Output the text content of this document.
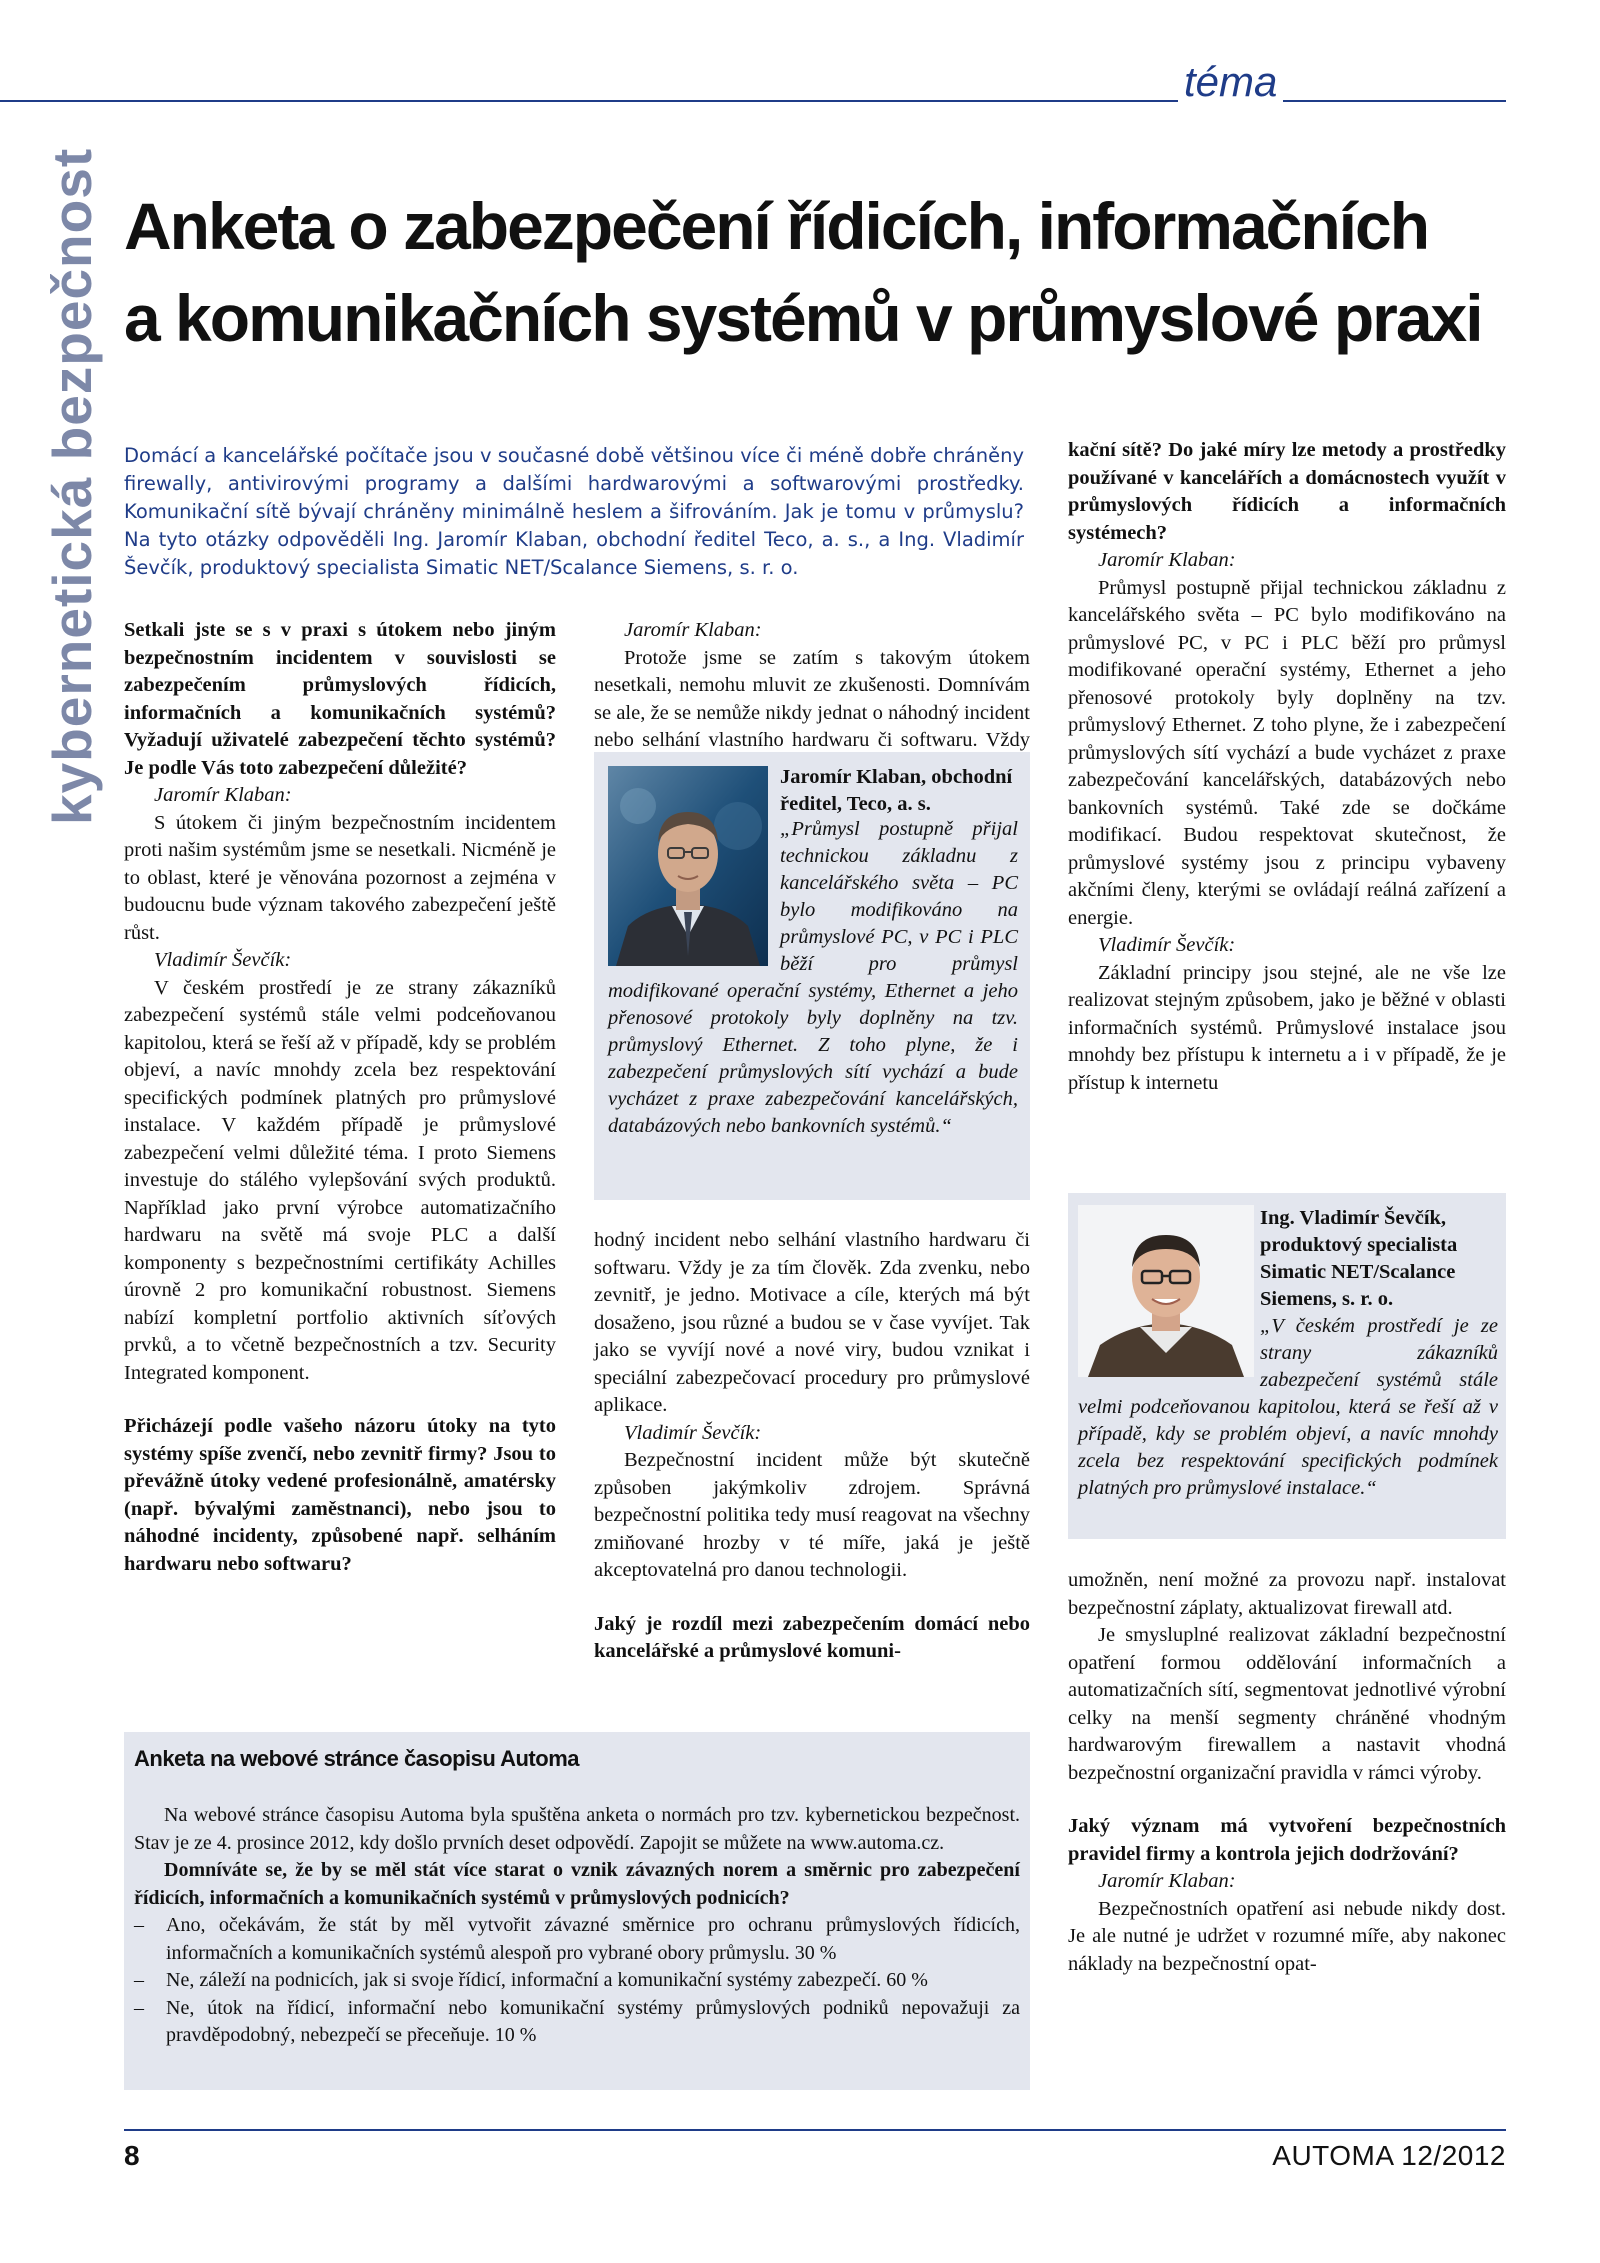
téma
kybernetická bezpečnost Anketa o zabezpečení řídicích, informačních
a komunikačních systémů v průmyslové praxi
Domácí a kancelářské počítače jsou v současné době většinou více či méně dobře chráněny firewally, antivirovými programy a dalšími hardwarovými a softwarovými prostředky. Komunikační sítě bývají chráněny minimálně heslem a šifrováním. Jak je tomu v průmyslu? Na tyto otázky odpověděli Ing. Jaromír Klaban, obchodní ředitel Teco, a. s., a Ing. Vladimír Ševčík, produktový specialista Simatic NET/Scalance Siemens, s. r. o.

Setkali jste se s v praxi s útokem nebo jiným bezpečnostním incidentem v souvislosti se zabezpečením průmyslových řídicích, informačních a komunikačních systémů? Vyžadují uživatelé zabezpečení těchto systémů? Je podle Vás toto zabezpečení důležité?

Jaromír Klaban:

S útokem či jiným bezpečnostním incidentem proti našim systémům jsme se nesetkali. Nicméně je to oblast, které je věnována pozornost a zejména v budoucnu bude význam takového zabezpečení ještě růst.

Vladimír Ševčík:

V českém prostředí je ze strany zákazníků zabezpečení systémů stále velmi podceňovanou kapitolou, která se řeší až v případě, kdy se problém objeví, a navíc mnohdy zcela bez respektování specifických podmínek platných pro průmyslové instalace. V každém případě je průmyslové zabezpečení velmi důležité téma. I proto Siemens investuje do stálého vylepšování svých produktů. Například jako první výrobce automatizačního hardwaru na světě má svoje PLC a další komponenty s bezpečnostními certifikáty Achilles úrovně 2 pro komunikační robustnost. Siemens nabízí kompletní portfolio aktivních síťových prvků, a to včetně bezpečnostních a tzv. Security Integrated komponent.

Přicházejí podle vašeho názoru útoky na tyto systémy spíše zvenčí, nebo zevnitř firmy? Jsou to převážně útoky vedené profesionálně, amatérsky (např. bývalými zaměstnanci), nebo jsou to náhodné incidenty, způsobené např. selháním hardwaru nebo softwaru?

Jaromír Klaban:

Protože jsme se zatím s takovým útokem nesetkali, nemohu mluvit ze zkušenosti. Domnívám se ale, že se nemůže nikdy jednat o náhodný incident nebo selhání vlastního hardwaru či softwaru. Vždy

Jaromír Klaban, obchodní ředitel, Teco, a. s.
„Průmysl postupně přijal technickou základnu z kancelářského světa – PC bylo modifikováno na průmyslové PC, v PC i PLC běží pro průmysl modifikované operační systémy, Ethernet a jeho přenosové protokoly byly doplněny na tzv. průmyslový Ethernet. Z toho plyne, že i zabezpečení průmyslových sítí vychází a bude vycházet z praxe zabezpečování kancelářských, databázových nebo bankovních systémů.“

hodný incident nebo selhání vlastního hardwaru či softwaru. Vždy je za tím člověk. Zda zvenku, nebo zevnitř, je jedno. Motivace a cíle, kterých má být dosaženo, jsou různé a budou se v čase vyvíjet. Tak jako se vyvíjí nové a nové viry, budou vznikat i speciální zabezpečovací procedury pro průmyslové aplikace.

Vladimír Ševčík:

Bezpečnostní incident může být skutečně způsoben jakýmkoliv zdrojem. Správná bezpečnostní politika tedy musí reagovat na všechny zmiňované hrozby v té míře, jaká je ještě akceptovatelná pro danou technologii.

Jaký je rozdíl mezi zabezpečením domácí nebo kancelářské a průmyslové komuni-

kační sítě? Do jaké míry lze metody a prostředky používané v kancelářích a domácnostech využít v průmyslových řídicích a informačních systémech?

Jaromír Klaban:

Průmysl postupně přijal technickou základnu z kancelářského světa – PC bylo modifikováno na průmyslové PC, v PC i PLC běží pro průmysl modifikované operační systémy, Ethernet a jeho přenosové protokoly byly doplněny na tzv. průmyslový Ethernet. Z toho plyne, že i zabezpečení průmyslových sítí vychází a bude vycházet z praxe zabezpečování kancelářských, databázových nebo bankovních systémů. Také zde se dočkáme modifikací. Budou respektovat skutečnost, že průmyslové systémy jsou z principu vybaveny akčními členy, kterými se ovládají reálná zařízení a energie.

Vladimír Ševčík:

Základní principy jsou stejné, ale ne vše lze realizovat stejným způsobem, jako je běžné v oblasti informačních systémů. Průmyslové instalace jsou mnohdy bez přístupu k internetu a i v případě, že je přístup k internetu

Ing. Vladimír Ševčík, produktový specialista Simatic NET/Scalance Siemens, s. r. o.
„V českém prostředí je ze strany zákazníků zabezpečení systémů stále velmi podceňovanou kapitolou, která se řeší až v případě, kdy se problém objeví, a navíc mnohdy zcela bez respektování specifických podmínek platných pro průmyslové instalace.“

umožněn, není možné za provozu např. instalovat bezpečnostní záplaty, aktualizovat firewall atd.

Je smysluplné realizovat základní bezpečnostní opatření formou oddělování informačních a automatizačních sítí, segmentovat jednotlivé výrobní celky na menší segmenty chráněné vhodným hardwarovým firewallem a nastavit vhodná bezpečnostní organizační pravidla v rámci výroby.

Jaký význam má vytvoření bezpečnostních pravidel firmy a kontrola jejich dodržování?

Jaromír Klaban:

Bezpečnostních opatření asi nebude nikdy dost. Je ale nutné je udržet v rozumné míře, aby nakonec náklady na bezpečnostní opat-

Anketa na webové stránce časopisu Automa

Na webové stránce časopisu Automa byla spuštěna anketa o normách pro tzv. kybernetickou bezpečnost. Stav je ze 4. prosince 2012, kdy došlo prvních deset odpovědí. Zapojit se můžete na www.automa.cz.

Domníváte se, že by se měl stát více starat o vznik závazných norem a směrnic pro zabezpečení řídicích, informačních a komunikačních systémů v průmyslových podnicích?

– Ano, očekávám, že stát by měl vytvořit závazné směrnice pro ochranu průmyslových řídicích, informačních a komunikačních systémů alespoň pro vybrané obory průmyslu. 30 %
– Ne, záleží na podnicích, jak si svoje řídicí, informační a komunikační systémy zabezpečí. 60 %
– Ne, útok na řídicí, informační nebo komunikační systémy průmyslových podniků nepovažuji za pravděpodobný, nebezpečí se přeceňuje. 10 %
8	AUTOMA 12/2012
